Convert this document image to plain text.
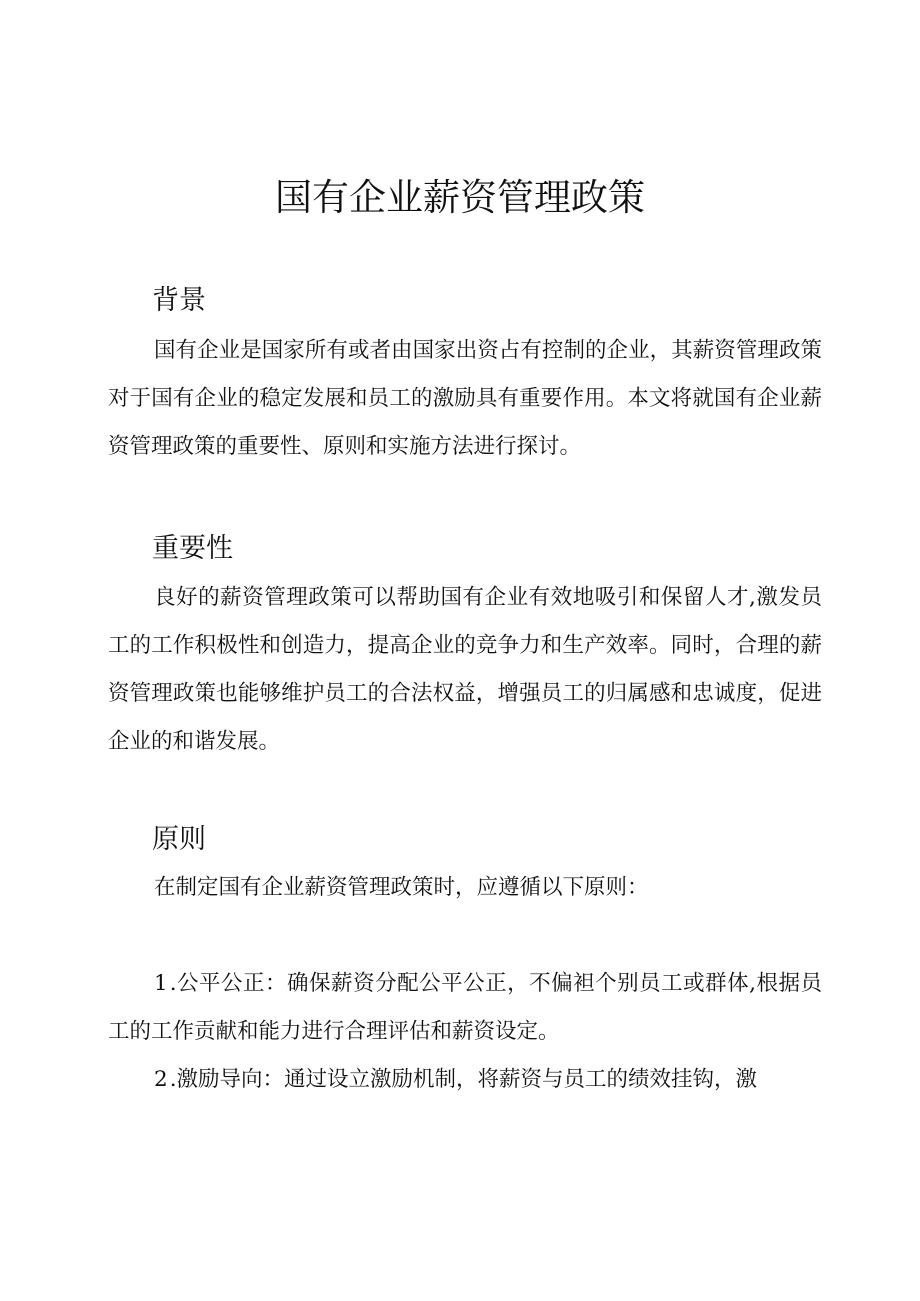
国有企业薪资管理政策
背景

国有企业是国家所有或者由国家出资占有控制的企业，其薪资管理政策对于国有企业的稳定发展和员工的激励具有重要作用。本文将就国有企业薪资管理政策的重要性、原则和实施方法进行探讨。

重要性

良好的薪资管理政策可以帮助国有企业有效地吸引和保留人才,激发员工的工作积极性和创造力，提高企业的竞争力和生产效率。同时，合理的薪资管理政策也能够维护员工的合法权益，增强员工的归属感和忠诚度，促进企业的和谐发展。

原则

在制定国有企业薪资管理政策时，应遵循以下原则：

1.公平公正：确保薪资分配公平公正，不偏袒个别员工或群体,根据员工的工作贡献和能力进行合理评估和薪资设定。

2.激励导向：通过设立激励机制，将薪资与员工的绩效挂钩，激
